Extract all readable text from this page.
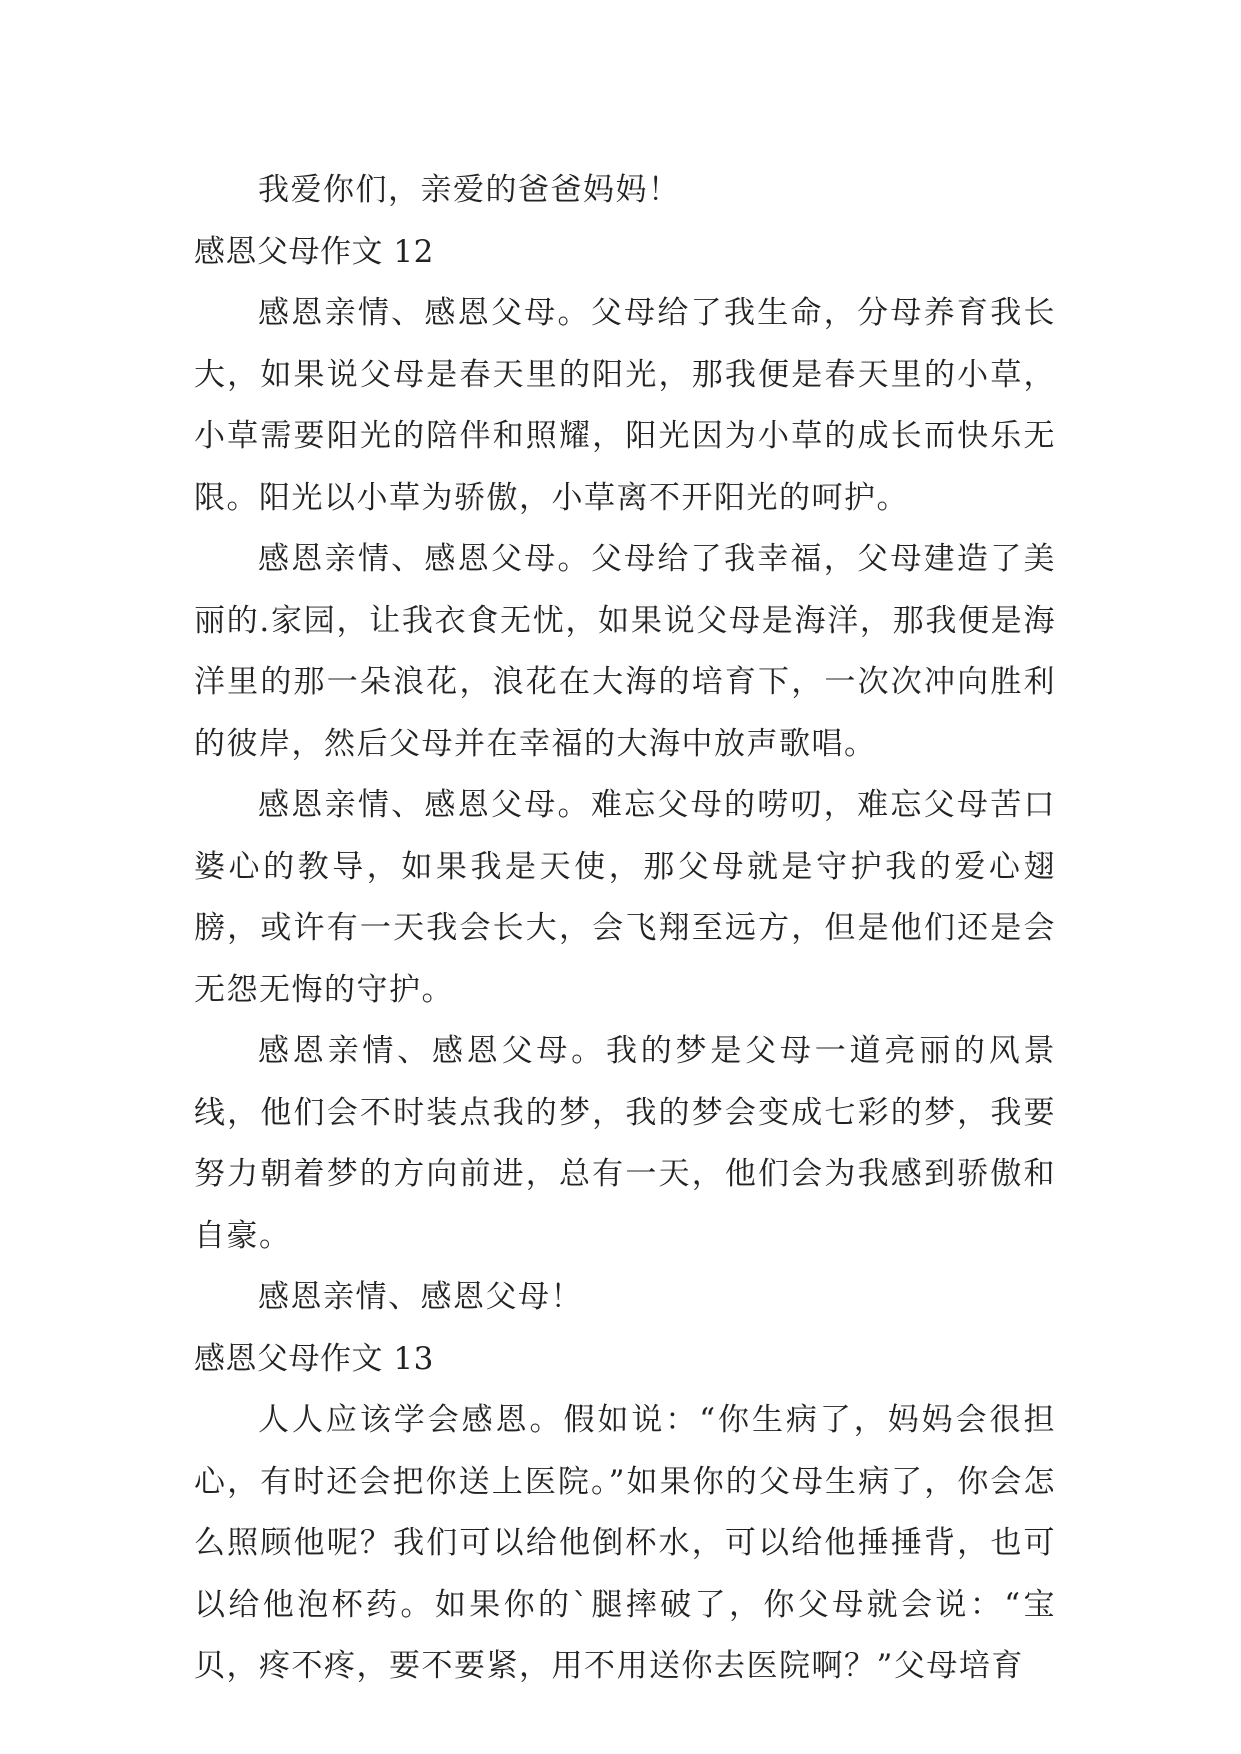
我爱你们，亲爱的爸爸妈妈！

感恩父母作文 12

感恩亲情、感恩父母。父母给了我生命，分母养育我长大，如果说父母是春天里的阳光，那我便是春天里的小草，小草需要阳光的陪伴和照耀，阳光因为小草的成长而快乐无限。阳光以小草为骄傲，小草离不开阳光的呵护。

感恩亲情、感恩父母。父母给了我幸福，父母建造了美丽的.家园，让我衣食无忧，如果说父母是海洋，那我便是海洋里的那一朵浪花，浪花在大海的培育下，一次次冲向胜利的彼岸，然后父母并在幸福的大海中放声歌唱。

感恩亲情、感恩父母。难忘父母的唠叨，难忘父母苦口婆心的教导，如果我是天使，那父母就是守护我的爱心翅膀，或许有一天我会长大，会飞翔至远方，但是他们还是会无怨无悔的守护。

感恩亲情、感恩父母。我的梦是父母一道亮丽的风景线，他们会不时装点我的梦，我的梦会变成七彩的梦，我要努力朝着梦的方向前进，总有一天，他们会为我感到骄傲和自豪。

感恩亲情、感恩父母！

感恩父母作文 13

人人应该学会感恩。假如说：“你生病了，妈妈会很担心，有时还会把你送上医院。”如果你的父母生病了，你会怎么照顾他呢？我们可以给他倒杯水，可以给他捶捶背，也可以给他泡杯药。如果你的`腿摔破了，你父母就会说：“宝贝，疼不疼，要不要紧，用不用送你去医院啊？”父母培育
